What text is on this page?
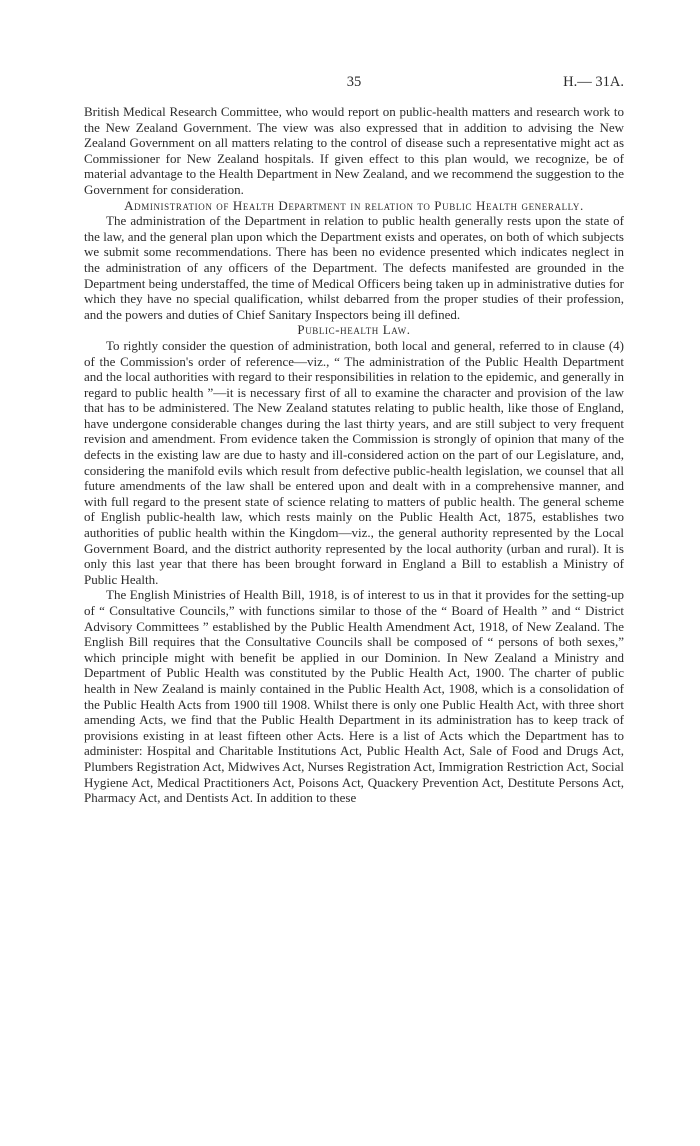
35	H.— 31A.

British Medical Research Committee, who would report on public-health matters and research work to the New Zealand Government. The view was also expressed that in addition to advising the New Zealand Government on all matters relating to the control of disease such a representative might act as Commissioner for New Zealand hospitals. If given effect to this plan would, we recognize, be of material advantage to the Health Department in New Zealand, and we recommend the suggestion to the Government for consideration.

Administration of Health Department in relation to Public Health generally.

The administration of the Department in relation to public health generally rests upon the state of the law, and the general plan upon which the Department exists and operates, on both of which subjects we submit some recommendations. There has been no evidence presented which indicates neglect in the administration of any officers of the Department. The defects manifested are grounded in the Department being understaffed, the time of Medical Officers being taken up in administrative duties for which they have no special qualification, whilst debarred from the proper studies of their profession, and the powers and duties of Chief Sanitary Inspectors being ill defined.

Public-health Law.

To rightly consider the question of administration, both local and general, referred to in clause (4) of the Commission's order of reference—viz., “ The administration of the Public Health Department and the local authorities with regard to their responsibilities in relation to the epidemic, and generally in regard to public health ”—it is necessary first of all to examine the character and provision of the law that has to be administered. The New Zealand statutes relating to public health, like those of England, have undergone considerable changes during the last thirty years, and are still subject to very frequent revision and amendment. From evidence taken the Commission is strongly of opinion that many of the defects in the existing law are due to hasty and ill-considered action on the part of our Legislature, and, considering the manifold evils which result from defective public-health legislation, we counsel that all future amendments of the law shall be entered upon and dealt with in a comprehensive manner, and with full regard to the present state of science relating to matters of public health. The general scheme of English public-health law, which rests mainly on the Public Health Act, 1875, establishes two authorities of public health within the Kingdom—viz., the general authority represented by the Local Government Board, and the district authority represented by the local authority (urban and rural). It is only this last year that there has been brought forward in England a Bill to establish a Ministry of Public Health.

The English Ministries of Health Bill, 1918, is of interest to us in that it provides for the setting-up of “ Consultative Councils,” with functions similar to those of the “ Board of Health ” and “ District Advisory Committees ” established by the Public Health Amendment Act, 1918, of New Zealand. The English Bill requires that the Consultative Councils shall be composed of “ persons of both sexes,” which principle might with benefit be applied in our Dominion. In New Zealand a Ministry and Department of Public Health was constituted by the Public Health Act, 1900. The charter of public health in New Zealand is mainly contained in the Public Health Act, 1908, which is a consolidation of the Public Health Acts from 1900 till 1908. Whilst there is only one Public Health Act, with three short amending Acts, we find that the Public Health Department in its administration has to keep track of provisions existing in at least fifteen other Acts. Here is a list of Acts which the Department has to administer: Hospital and Charitable Institutions Act, Public Health Act, Sale of Food and Drugs Act, Plumbers Registration Act, Midwives Act, Nurses Registration Act, Immigration Restriction Act, Social Hygiene Act, Medical Practitioners Act, Poisons Act, Quackery Prevention Act, Destitute Persons Act, Pharmacy Act, and Dentists Act. In addition to these
